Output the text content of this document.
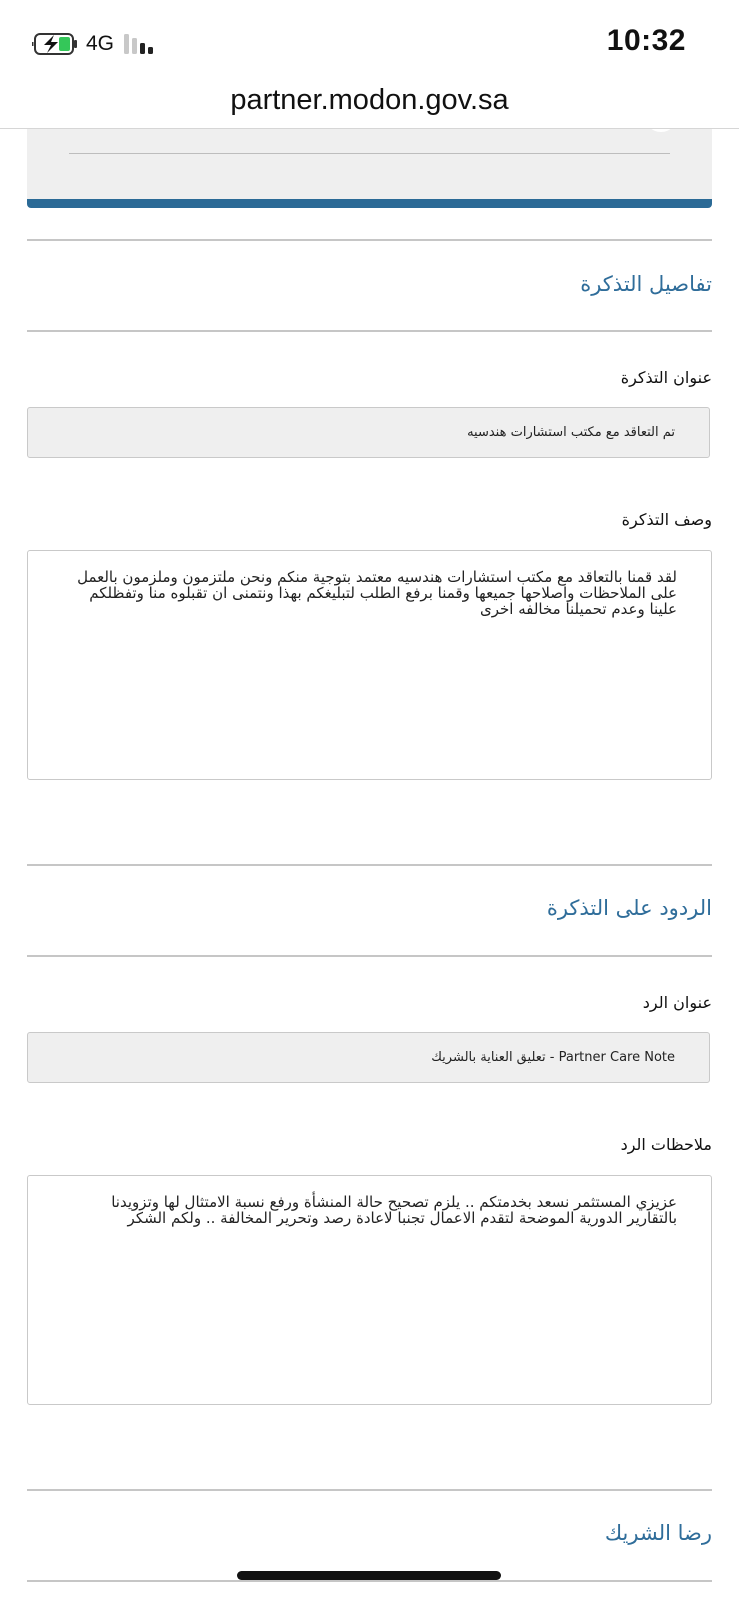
4G	10:32
partner.modon.gov.sa
تفاصيل التذكرة
عنوان التذكرة
تم التعاقد مع مكتب استشارات هندسيه
وصف التذكرة
لقد قمنا بالتعاقد مع مكتب استشارات هندسيه معتمد بتوجية منكم ونحن ملتزمون وملزمون بالعمل على الملاحظات واصلاحها جميعها وقمنا برفع الطلب لتبليغكم بهذا ونتمنى ان تقبلوه منا وتفظلكم علينا وعدم تحميلنا مخالفه اخرى
الردود على التذكرة
عنوان الرد
Partner Care Note - تعليق العناية بالشريك
ملاحظات الرد
عزيزي المستثمر نسعد بخدمتكم .. يلزم تصحيح حالة المنشأة ورفع نسبة الامتثال لها وتزويدنا بالتقارير الدورية الموضحة لتقدم الاعمال تجنبا لاعادة رصد وتحرير المخالفة .. ولكم الشكر
رضا الشريك
